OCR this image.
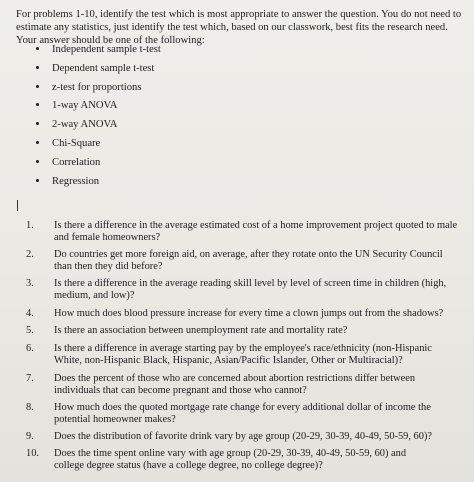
For problems 1-10, identify the test which is most appropriate to answer the question. You do not need to
estimate any statistics, just identify the test which, based on our classwork, best fits the research need.
Your answer should be one of the following:
Independent sample t-test
Dependent sample t-test
z-test for proportions
1-way ANOVA
2-way ANOVA
Chi-Square
Correlation
Regression
1.	Is there a difference in the average estimated cost of a home improvement project quoted to male
and female homeowners?
2.	Do countries get more foreign aid, on average, after they rotate onto the UN Security Council
than then they did before?
3.	Is there a difference in the average reading skill level by level of screen time in children (high,
medium, and low)?
4.	How much does blood pressure increase for every time a clown jumps out from the shadows?
5.	Is there an association between unemployment rate and mortality rate?
6.	Is there a difference in average starting pay by the employee's race/ethnicity (non-Hispanic
White, non-Hispanic Black, Hispanic, Asian/Pacific Islander, Other or Multiracial)?
7.	Does the percent of those who are concerned about abortion restrictions differ between
individuals that can become pregnant and those who cannot?
8.	How much does the quoted mortgage rate change for every additional dollar of income the
potential homeowner makes?
9.	Does the distribution of favorite drink vary by age group (20-29, 30-39, 40-49, 50-59, 60)?
10. Does the time spent online vary with age group (20-29, 30-39, 40-49, 50-59, 60) and
college degree status (have a college degree, no college degree)?
